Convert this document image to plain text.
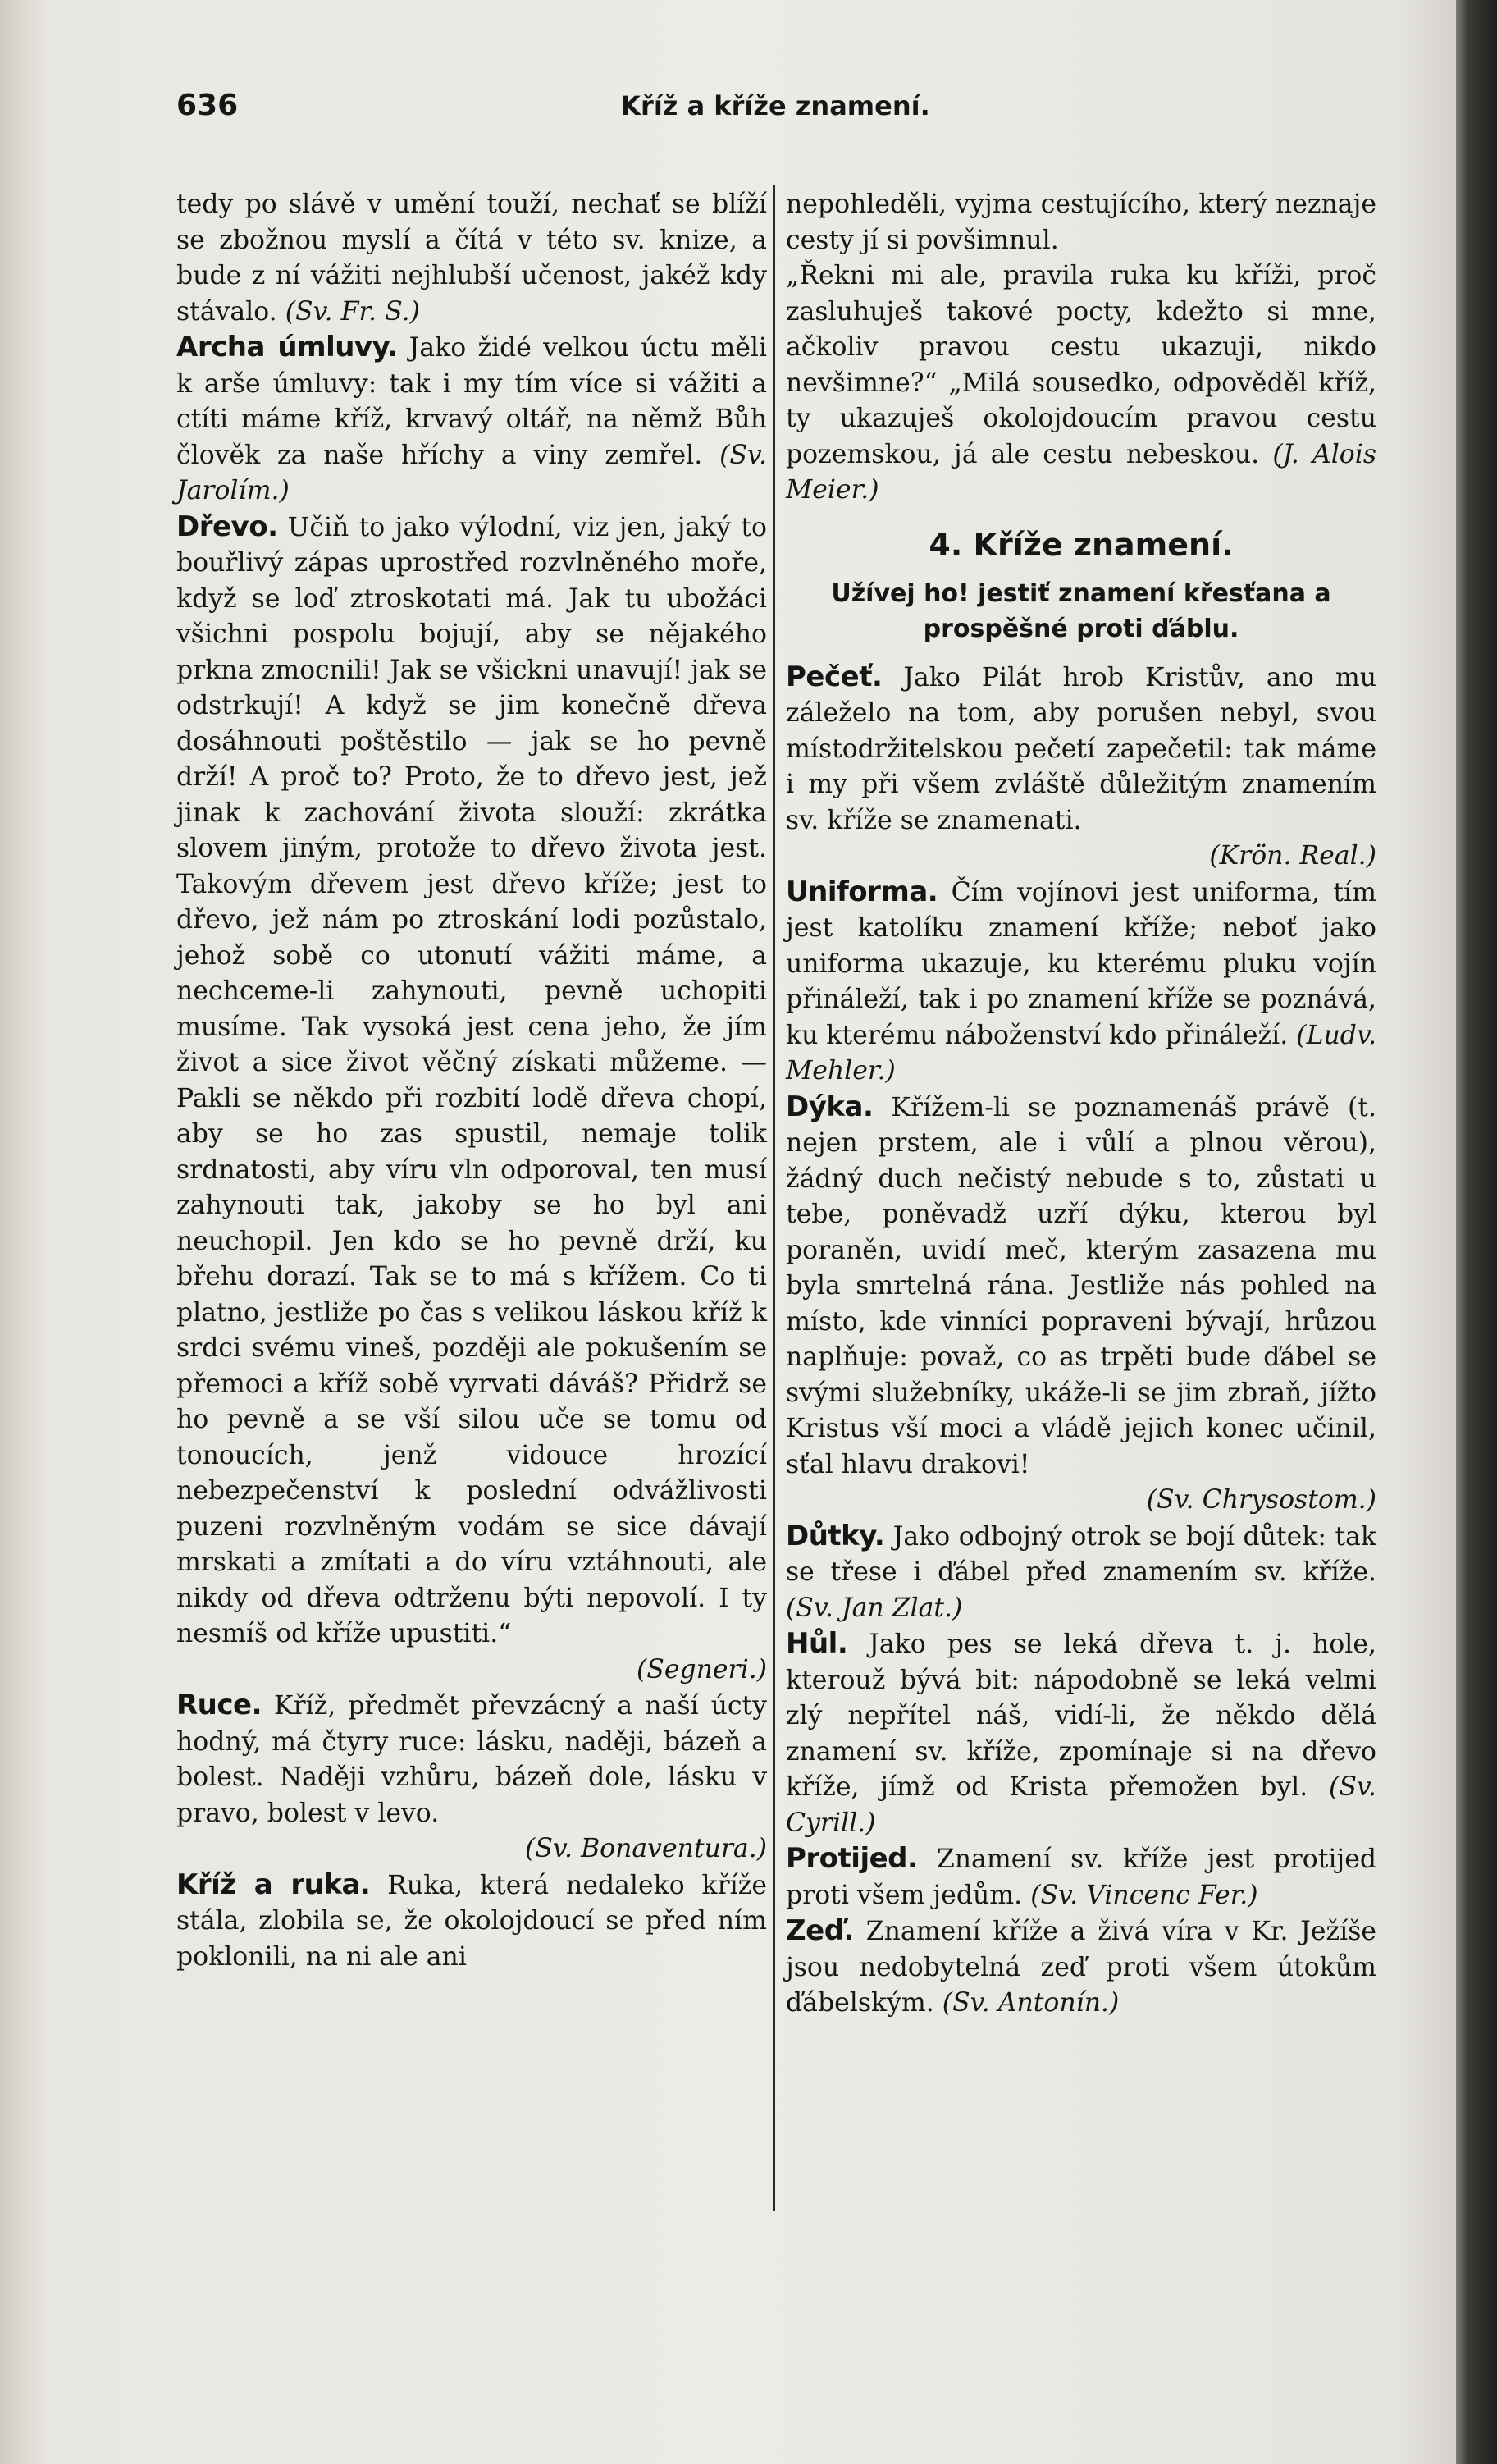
636	Kříž a kříže znamení.

tedy po slávě v umění touží, nechať se blíží se zbožnou myslí a čítá v této sv. knize, a bude z ní vážiti nejhlubší učenost, jakéž kdy stávalo. (Sv. Fr. S.)

Archa úmluvy. Jako židé velkou úctu měli k arše úmluvy: tak i my tím více si vážiti a ctíti máme kříž, krvavý oltář, na němž Bůh člověk za naše hříchy a viny zemřel. (Sv. Jarolím.)

Dřevo. Učiň to jako výlodní, viz jen, jaký to bouřlivý zápas uprostřed rozvlněného moře, když se loď ztroskotati má. Jak tu ubožáci všichni pospolu bojují, aby se nějakého prkna zmocnili! Jak se všickni unavují! jak se odstrkují! A když se jim konečně dřeva dosáhnouti poštěstilo — jak se ho pevně drží! A proč to? Proto, že to dřevo jest, jež jinak k zachování života slouží: zkrátka slovem jiným, protože to dřevo života jest. Takovým dřevem jest dřevo kříže; jest to dřevo, jež nám po ztroskání lodi pozůstalo, jehož sobě co utonutí vážiti máme, a nechceme-li zahynouti, pevně uchopiti musíme. Tak vysoká jest cena jeho, že jím život a sice život věčný získati můžeme. — Pakli se někdo při rozbití lodě dřeva chopí, aby se ho zas spustil, nemaje tolik srdnatosti, aby víru vln odporoval, ten musí zahynouti tak, jakoby se ho byl ani neuchopil. Jen kdo se ho pevně drží, ku břehu dorazí. Tak se to má s křížem. Co ti platno, jestliže po čas s velikou láskou kříž k srdci svému vineš, později ale pokušením se přemoci a kříž sobě vyrvati dáváš? Přidrž se ho pevně a se vší silou uče se tomu od tonoucích, jenž vidouce hrozící nebezpečenství k poslední odvážlivosti puzeni rozvlněným vodám se sice dávají mrskati a zmítati a do víru vztáhnouti, ale nikdy od dřeva odtrženu býti nepovolí. I ty nesmíš od kříže upustiti.“
(Segneri.)

Ruce. Kříž, předmět převzácný a naší úcty hodný, má čtyry ruce: lásku, naději, bázeň a bolest. Naději vzhůru, bázeň dole, lásku v pravo, bolest v levo.
(Sv. Bonaventura.)

Kříž a ruka. Ruka, která nedaleko kříže stála, zlobila se, že okolojdoucí se před ním poklonili, na ni ale ani

nepohleděli, vyjma cestujícího, který neznaje cesty jí si povšimnul.

„Řekni mi ale, pravila ruka ku kříži, proč zasluhuješ takové pocty, kdežto si mne, ačkoliv pravou cestu ukazuji, nikdo nevšimne?“ „Milá sousedko, odpověděl kříž, ty ukazuješ okolojdoucím pravou cestu pozemskou, já ale cestu nebeskou. (J. Alois Meier.)

4. Kříže znamení.
Užívej ho! jestiť znamení křesťana a prospěšné proti ďáblu.

Pečeť. Jako Pilát hrob Kristův, ano mu záleželo na tom, aby porušen nebyl, svou místodržitelskou pečetí zapečetil: tak máme i my při všem zvláště důležitým znamením sv. kříže se znamenati.
(Krön. Real.)

Uniforma. Čím vojínovi jest uniforma, tím jest katolíku znamení kříže; neboť jako uniforma ukazuje, ku kterému pluku vojín přináleží, tak i po znamení kříže se poznává, ku kterému náboženství kdo přináleží. (Ludv. Mehler.)

Dýka. Křížem-li se poznamenáš právě (t. nejen prstem, ale i vůlí a plnou věrou), žádný duch nečistý nebude s to, zůstati u tebe, poněvadž uzří dýku, kterou byl poraněn, uvidí meč, kterým zasazena mu byla smrtelná rána. Jestliže nás pohled na místo, kde vinníci popraveni bývají, hrůzou naplňuje: považ, co as trpěti bude ďábel se svými služebníky, ukáže-li se jim zbraň, jížto Kristus vší moci a vládě jejich konec učinil, sťal hlavu drakovi!
(Sv. Chrysostom.)

Důtky. Jako odbojný otrok se bojí důtek: tak se třese i ďábel před znamením sv. kříže. (Sv. Jan Zlat.)

Hůl. Jako pes se leká dřeva t. j. hole, kterouž bývá bit: nápodobně se leká velmi zlý nepřítel náš, vidí-li, že někdo dělá znamení sv. kříže, zpomínaje si na dřevo kříže, jímž od Krista přemožen byl. (Sv. Cyrill.)

Protijed. Znamení sv. kříže jest protijed proti všem jedům. (Sv. Vincenc Fer.)

Zeď. Znamení kříže a živá víra v Kr. Ježíše jsou nedobytelná zeď proti všem útokům ďábelským. (Sv. Antonín.)
